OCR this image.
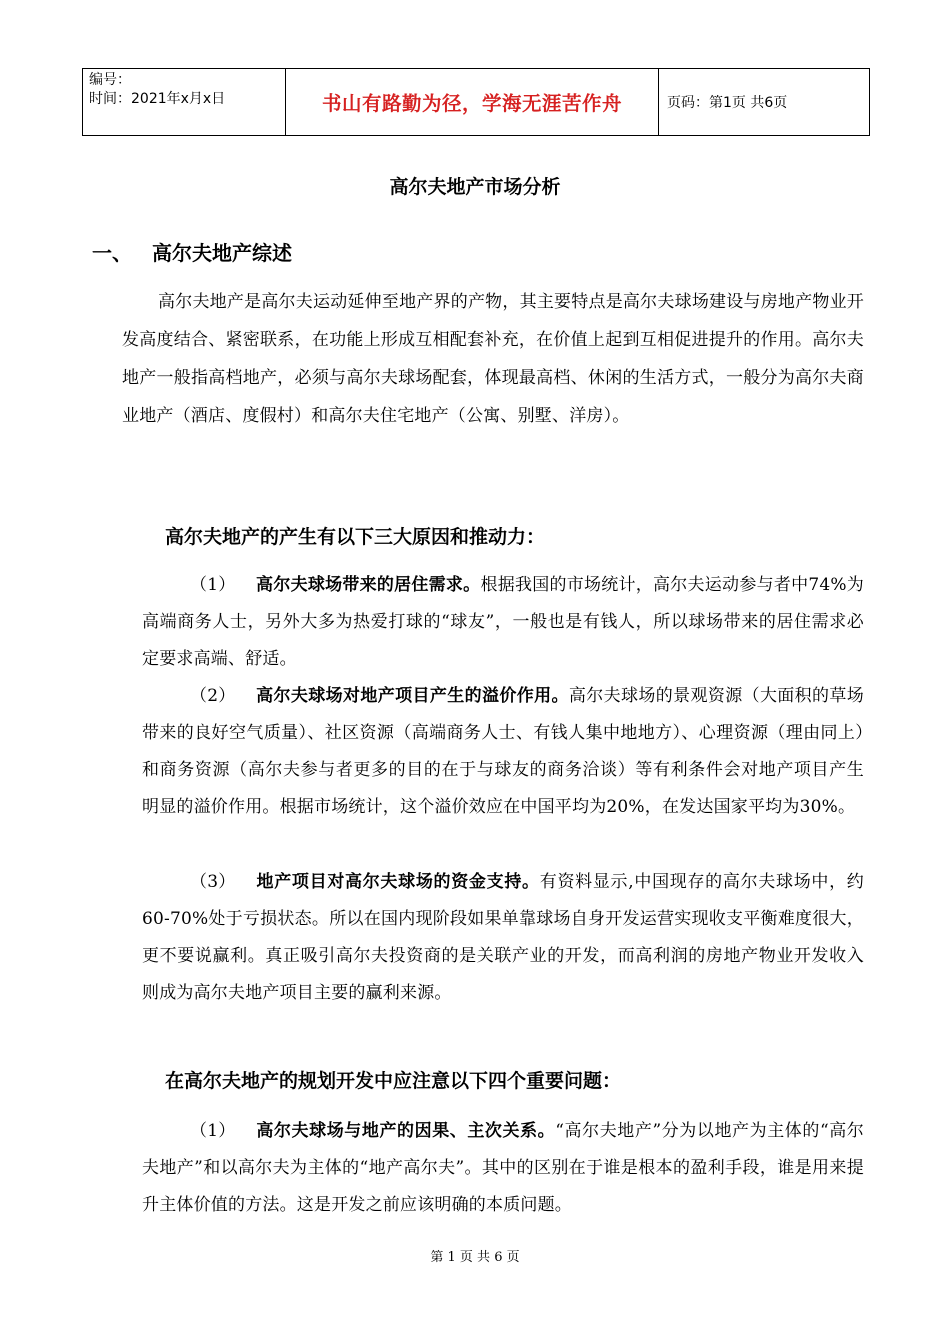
编号：
时间：2021年x月x日	书山有路勤为径，学海无涯苦作舟	页码：第1页 共6页
高尔夫地产市场分析
一、 高尔夫地产综述
高尔夫地产是高尔夫运动延伸至地产界的产物，其主要特点是高尔夫球场建设与房地产物业开发高度结合、紧密联系，在功能上形成互相配套补充，在价值上起到互相促进提升的作用。高尔夫地产一般指高档地产，必须与高尔夫球场配套，体现最高档、休闲的生活方式，一般分为高尔夫商业地产（酒店、度假村）和高尔夫住宅地产（公寓、别墅、洋房）。
高尔夫地产的产生有以下三大原因和推动力：
（1） 高尔夫球场带来的居住需求。根据我国的市场统计，高尔夫运动参与者中74%为高端商务人士，另外大多为热爱打球的“球友”，一般也是有钱人，所以球场带来的居住需求必定要求高端、舒适。
（2） 高尔夫球场对地产项目产生的溢价作用。高尔夫球场的景观资源（大面积的草场带来的良好空气质量）、社区资源（高端商务人士、有钱人集中地地方）、心理资源（理由同上）和商务资源（高尔夫参与者更多的目的在于与球友的商务洽谈）等有利条件会对地产项目产生明显的溢价作用。根据市场统计，这个溢价效应在中国平均为20%，在发达国家平均为30%。
（3） 地产项目对高尔夫球场的资金支持。有资料显示,中国现存的高尔夫球场中，约60-70%处于亏损状态。所以在国内现阶段如果单靠球场自身开发运营实现收支平衡难度很大，更不要说赢利。真正吸引高尔夫投资商的是关联产业的开发，而高利润的房地产物业开发收入则成为高尔夫地产项目主要的赢利来源。
在高尔夫地产的规划开发中应注意以下四个重要问题：
（1） 高尔夫球场与地产的因果、主次关系。“高尔夫地产”分为以地产为主体的“高尔夫地产”和以高尔夫为主体的“地产高尔夫”。其中的区别在于谁是根本的盈利手段，谁是用来提升主体价值的方法。这是开发之前应该明确的本质问题。
第 1 页 共 6 页
